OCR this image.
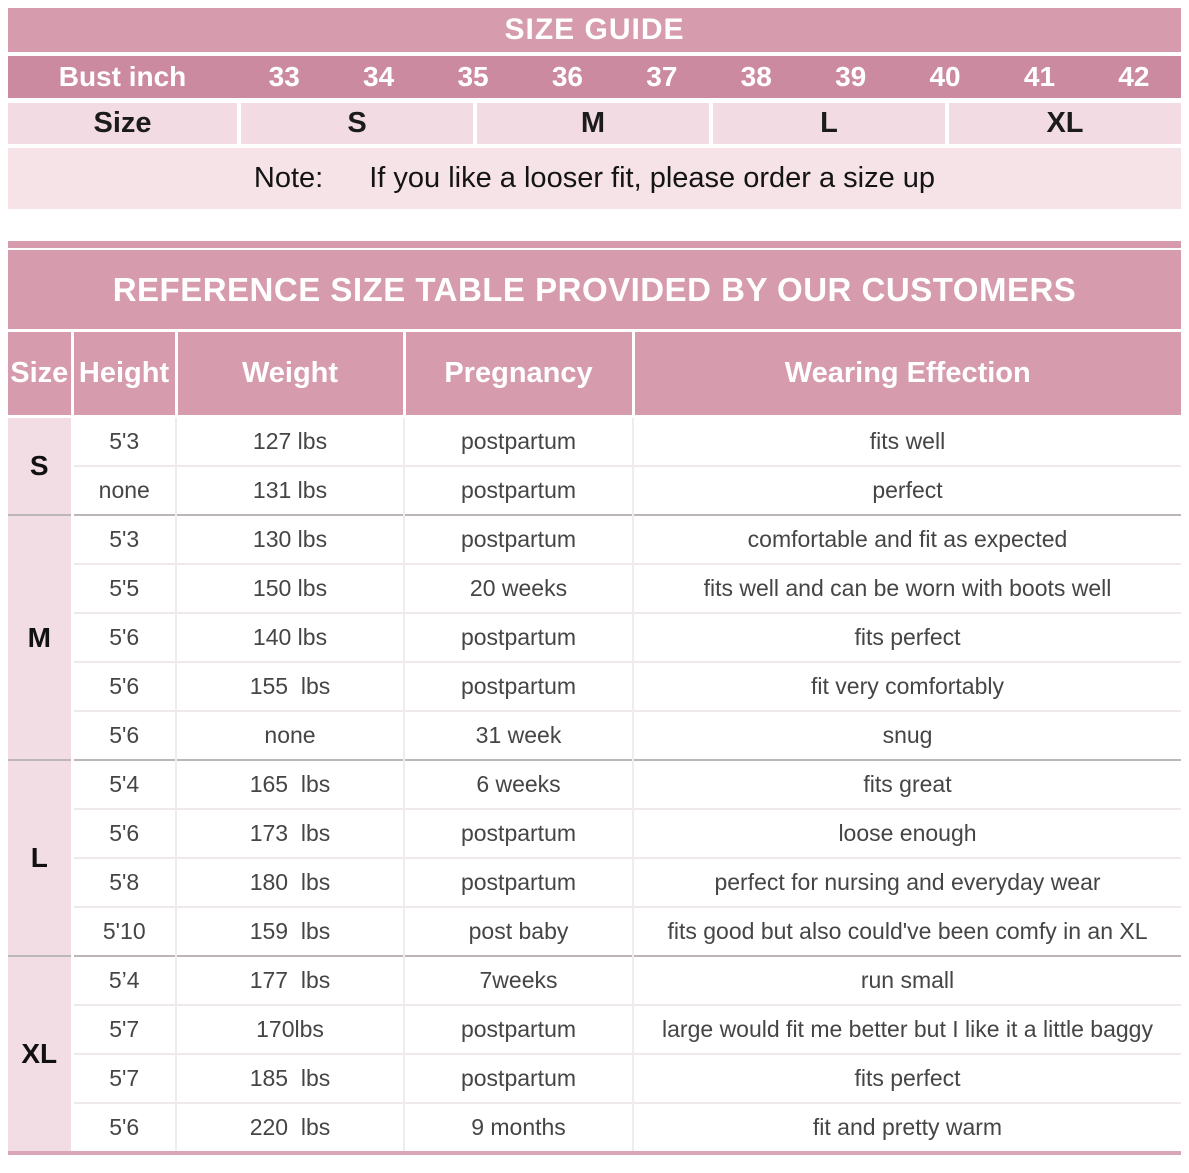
SIZE GUIDE
Bust inch	33	34	35	36	37	38	39	40	41	42
Size	S	M	L	XL
Note: If you like a looser fit, please order a size up
REFERENCE SIZE TABLE PROVIDED BY OUR CUSTOMERS
Size	Height	Weight	Pregnancy	Wearing Effection
S	5'3	127 lbs	postpartum	fits well
	none	131 lbs	postpartum	perfect
M	5'3	130 lbs	postpartum	comfortable and fit as expected
	5'5	150 lbs	20 weeks	fits well and can be worn with boots well
	5'6	140 lbs	postpartum	fits perfect
	5'6	155  lbs	postpartum	fit very comfortably
	5'6	none	31 week	snug
L	5'4	165  lbs	6 weeks	fits great
	5'6	173  lbs	postpartum	loose enough
	5'8	180  lbs	postpartum	perfect for nursing and everyday wear
	5'10	159  lbs	post baby	fits good but also could've been comfy in an XL
XL	5’4	177  lbs	7weeks	run small
	5'7	170lbs	postpartum	large would fit me better but I like it a little baggy
	5'7	185  lbs	postpartum	fits perfect
	5'6	220  lbs	9 months	fit and pretty warm
